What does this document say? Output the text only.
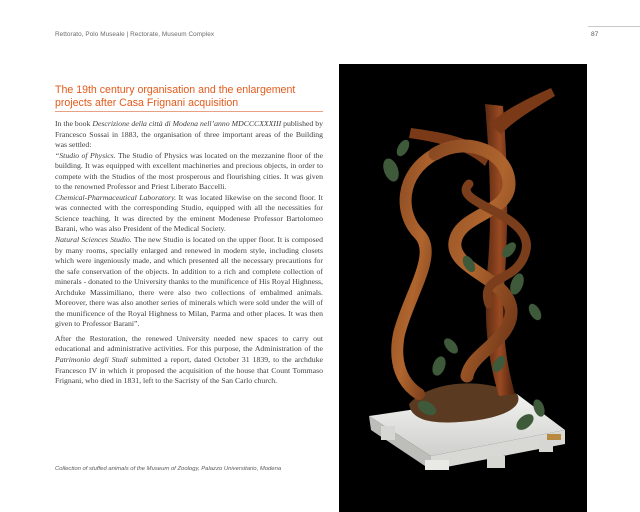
Rettorato, Polo Museale | Rectorate, Museum Complex	87
The 19th century organisation and the enlargement projects after Casa Frignani acquisition

In the book Descrizione della città di Modena nell’anno MDCCCXXXIII published by Francesco Sossai in 1883, the organisation of three important areas of the Building was settled:

“Studio of Physics. The Studio of Physics was located on the mezzanine floor of the building. It was equipped with excellent machineries and precious objects, in order to compete with the Studios of the most prosperous and flourishing cities. It was given to the renowned Professor and Priest Liberato Baccelli.

Chemical-Pharmaceutical Laboratory. It was located likewise on the second floor. It was connected with the corresponding Studio, equipped with all the necessities for Science teaching. It was directed by the eminent Modenese Professor Bartolomeo Barani, who was also President of the Medical Society.

Natural Sciences Studio. The new Studio is located on the upper floor. It is composed by many rooms, specially enlarged and renewed in modern style, including closets which were ingeniously made, and which presented all the necessary precautions for the safe conservation of the objects. In addition to a rich and complete collection of minerals - donated to the University thanks to the munificence of His Royal Highness, Archduke Massimiliano, there were also two collections of embalmed animals. Moreover, there was also another series of minerals which were sold under the will of the munificence of the Royal Highness to Milan, Parma and other places. It was then given to Professor Barani”.

After the Restoration, the renewed University needed new spaces to carry out educational and administrative activities. For this purpose, the Administration of the Patrimonio degli Studi submitted a report, dated October 31 1839, to the archduke Francesco IV in which it proposed the acquisition of the house that Count Tommaso Frignani, who died in 1831, left to the Sacristy of the San Carlo church.

Collection of stuffed animals of the Museum of Zoology, Palazzo Universitario, Modena
